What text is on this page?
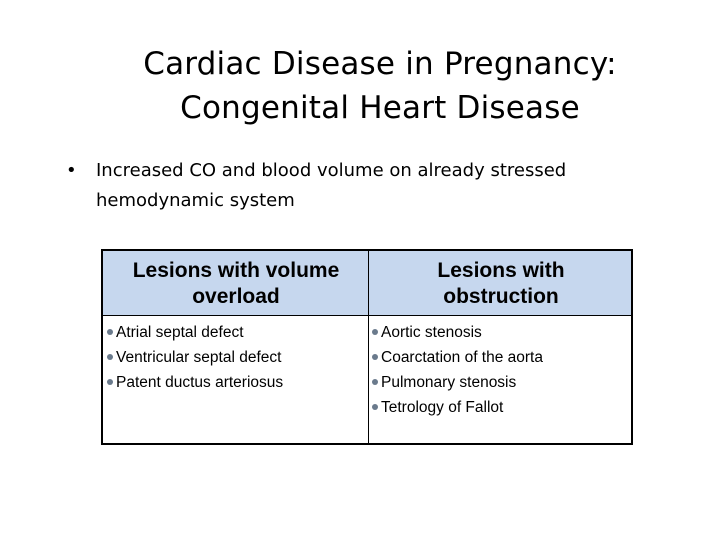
Cardiac Disease in Pregnancy:
Congenital Heart Disease
• Increased CO and blood volume on already stressed
hemodynamic system
Lesions with volume
overload
Lesions with
obstruction
Atrial septal defect
Ventricular septal defect
Patent ductus arteriosus
Aortic stenosis
Coarctation of the aorta
Pulmonary stenosis
Tetrology of Fallot
